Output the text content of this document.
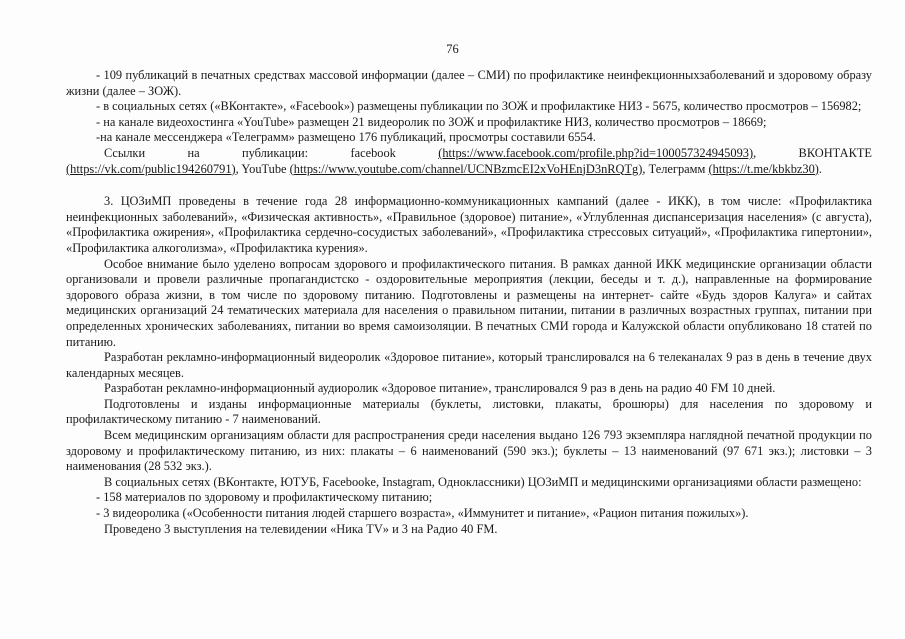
76

- 109 публикаций в печатных средствах массовой информации (далее – СМИ) по профилактике неинфекционныхзаболеваний и здоровому образу жизни (далее – ЗОЖ).

- в социальных сетях («ВКонтакте», «Facebook») размещены публикации по ЗОЖ и профилактике НИЗ - 5675, количество просмотров – 156982;

- на канале видеохостинга «YouTube» размещен 21 видеоролик по ЗОЖ и профилактике НИЗ, количество просмотров – 18669;

-на канале мессенджера «Телеграмм» размещено 176 публикаций, просмотры составили 6554.

Ссылки на публикации: facebook	(https://www.facebook.com/profile.php?id=100057324945093), ВКОНТАКТЕ

(https://vk.com/public194260791), YouTube (https://www.youtube.com/channel/UCNBzmcEI2xVoHEnjD3nRQTg), Телеграмм (https://t.me/kbkbz30).

3. ЦОЗиМП проведены в течение года 28 информационно-коммуникационных кампаний (далее - ИКК), в том числе: «Профилактика неинфекционных заболеваний», «Физическая активность», «Правильное (здоровое) питание», «Углубленная диспансеризация населения» (с августа), «Профилактика ожирения», «Профилактика сердечно-сосудистых заболеваний», «Профилактика стрессовых ситуаций», «Профилактика гипертонии», «Профилактика алкоголизма», «Профилактика курения».

Особое внимание было уделено вопросам здорового и профилактического питания. В рамках данной ИКК медицинские организации области организовали и провели различные пропагандистско - оздоровительные мероприятия (лекции, беседы и т. д.), направленные на формирование здорового образа жизни, в том числе по здоровому питанию. Подготовлены и размещены на интернет- сайте «Будь здоров Калуга» и сайтах медицинских организаций 24 тематических материала для населения о правильном питании, питании в различных возрастных группах, питании при определенных хронических заболеваниях, питании во время самоизоляции. В печатных СМИ города и Калужской области опубликовано 18 статей по питанию.

Разработан рекламно-информационный видеоролик «Здоровое питание», который транслировался на 6 телеканалах 9 раз в день в течение двух календарных месяцев.

Разработан рекламно-информационный аудиоролик «Здоровое питание», транслировался 9 раз в день на радио 40 FM 10 дней.

Подготовлены и изданы информационные материалы (буклеты, листовки, плакаты, брошюры) для населения по здоровому и профилактическому питанию - 7 наименований.

Всем медицинским организациям области для распространения среди населения выдано 126 793 экземпляра наглядной печатной продукции по здоровому и профилактическому питанию, из них: плакаты – 6 наименований (590 экз.); буклеты – 13 наименований (97 671 экз.); листовки – 3 наименования (28 532 экз.).

В социальных сетях (ВКонтакте, ЮТУБ, Facebooke, Instagram, Одноклассники) ЦОЗиМП и медицинскими организациями области размещено:

- 158 материалов по здоровому и профилактическому питанию;

- 3 видеоролика («Особенности питания людей старшего возраста», «Иммунитет и питание», «Рацион питания пожилых»).

Проведено 3 выступления на телевидении «Ника ТV» и 3 на Радио 40 FM.
